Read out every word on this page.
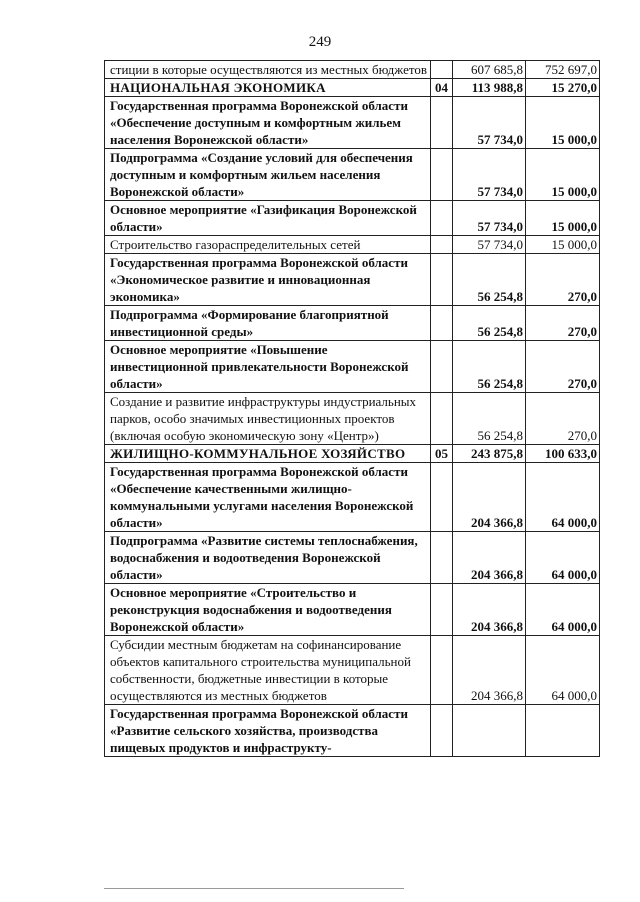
249
стиции в которые осуществляются из местных бюджетов		607 685,8	752 697,0
НАЦИОНАЛЬНАЯ ЭКОНОМИКА	04	113 988,8	15 270,0
Государственная программа Воронежской области «Обеспечение доступным и комфортным жильем населения Воронежской области»		57 734,0	15 000,0
Подпрограмма «Создание условий для обеспечения доступным и комфортным жильем населения Воронежской области»		57 734,0	15 000,0
Основное мероприятие «Газификация Воронежской области»		57 734,0	15 000,0
Строительство газораспределительных сетей		57 734,0	15 000,0
Государственная программа Воронежской области «Экономическое развитие и инновационная экономика»		56 254,8	270,0
Подпрограмма «Формирование благоприятной инвестиционной среды»		56 254,8	270,0
Основное мероприятие «Повышение инвестиционной привлекательности Воронежской области»		56 254,8	270,0
Создание и развитие инфраструктуры индустриальных парков, особо значимых инвестиционных проектов (включая особую экономическую зону «Центр»)		56 254,8	270,0
ЖИЛИЩНО-КОММУНАЛЬНОЕ ХОЗЯЙСТВО	05	243 875,8	100 633,0
Государственная программа Воронежской области «Обеспечение качественными жилищно-коммунальными услугами населения Воронежской области»		204 366,8	64 000,0
Подпрограмма «Развитие системы теплоснабжения, водоснабжения и водоотведения Воронежской области»		204 366,8	64 000,0
Основное мероприятие «Строительство и реконструкция водоснабжения и водоотведения Воронежской области»		204 366,8	64 000,0
Субсидии местным бюджетам на софинансирование объектов капитального строительства муниципальной собственности, бюджетные инвестиции в которые осуществляются из местных бюджетов		204 366,8	64 000,0
Государственная программа Воронежской области «Развитие сельского хозяйства, производства пищевых продуктов и инфраструкту-			
